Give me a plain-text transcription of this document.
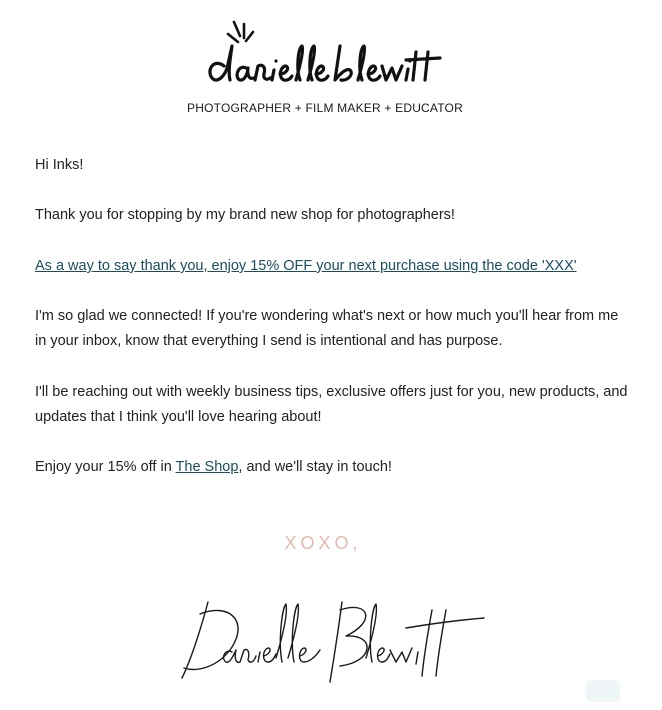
PHOTOGRAPHER + FILM MAKER + EDUCATOR
Hi Inks!
Thank you for stopping by my brand new shop for photographers!
As a way to say thank you, enjoy 15% OFF your next purchase using the code 'XXX'
I'm so glad we connected! If you're wondering what's next or how much you'll hear from me in your inbox, know that everything I send is intentional and has purpose.
I'll be reaching out with weekly business tips, exclusive offers just for you, new products, and updates that I think you'll love hearing about!
Enjoy your 15% off in The Shop, and we'll stay in touch!
XOXO,
